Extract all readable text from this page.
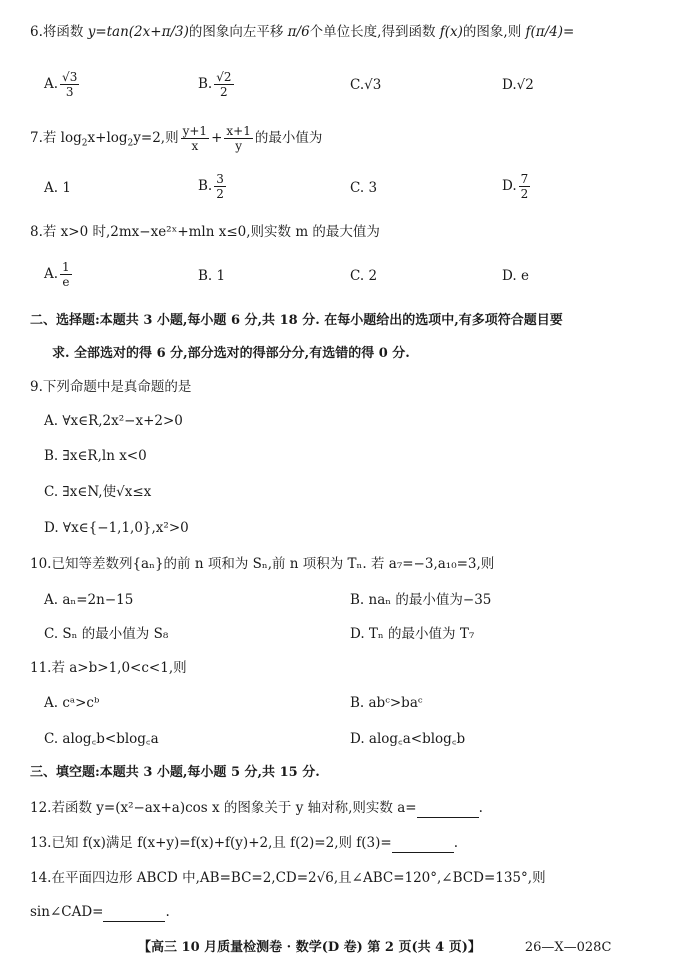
6.将函数 y=tan(2x+π/3)的图象向左平移 π/6个单位长度,得到函数 f(x)的图象,则 f(π/4)=
A. $\frac{√3}{3}$	B. $\frac{√2}{2}$	C.√3	D.√2
7.若 $\log_2x+\log_2y=2$,则 $\frac{y+1}{x} + \frac{x+1}{y}$ 的最小值为
A. 1	B. $\frac{3}{2}$	C. 3	D. $\frac{7}{2}$
8.若 x>0 时,2mx−xe²ˣ+mln x≤0,则实数 m 的最大值为
A. $\frac{1}{e}$	B. 1	C. 2	D. e
二、选择题:本题共 3 小题,每小题 6 分,共 18 分. 在每小题给出的选项中,有多项符合题目要
求. 全部选对的得 6 分,部分选对的得部分分,有选错的得 0 分.
9.下列命题中是真命题的是
A. ∀x∈R,2x²−x+2>0
B. ∃x∈R,ln x<0
C. ∃x∈N,使√x≤x
D. ∀x∈{−1,1,0},x²>0
10.已知等差数列{aₙ}的前 n 项和为 Sₙ,前 n 项积为 Tₙ. 若 a₇=−3,a₁₀=3,则
A. aₙ=2n−15	B. naₙ 的最小值为−35
C. Sₙ 的最小值为 S₈	D. Tₙ 的最小值为 T₇
11.若 a>b>1,0<c<1,则
A. cᵃ>cᵇ	B. abᶜ>baᶜ
C. alog꜀b<blog꜀a	D. alog꜀a<blog꜀b
三、填空题:本题共 3 小题,每小题 5 分,共 15 分.
12.若函数 y=(x²−ax+a)cos x 的图象关于 y 轴对称,则实数 a=	.
13.已知 f(x)满足 f(x+y)=f(x)+f(y)+2,且 f(2)=2,则 f(3)=	.
14.在平面四边形 ABCD 中,AB=BC=2,CD=2√6,且∠ABC=120°,∠BCD=135°,则
sin∠CAD=	.
【高三 10 月质量检测卷 · 数学(D 卷) 第 2 页(共 4 页)】	26—X—028C
